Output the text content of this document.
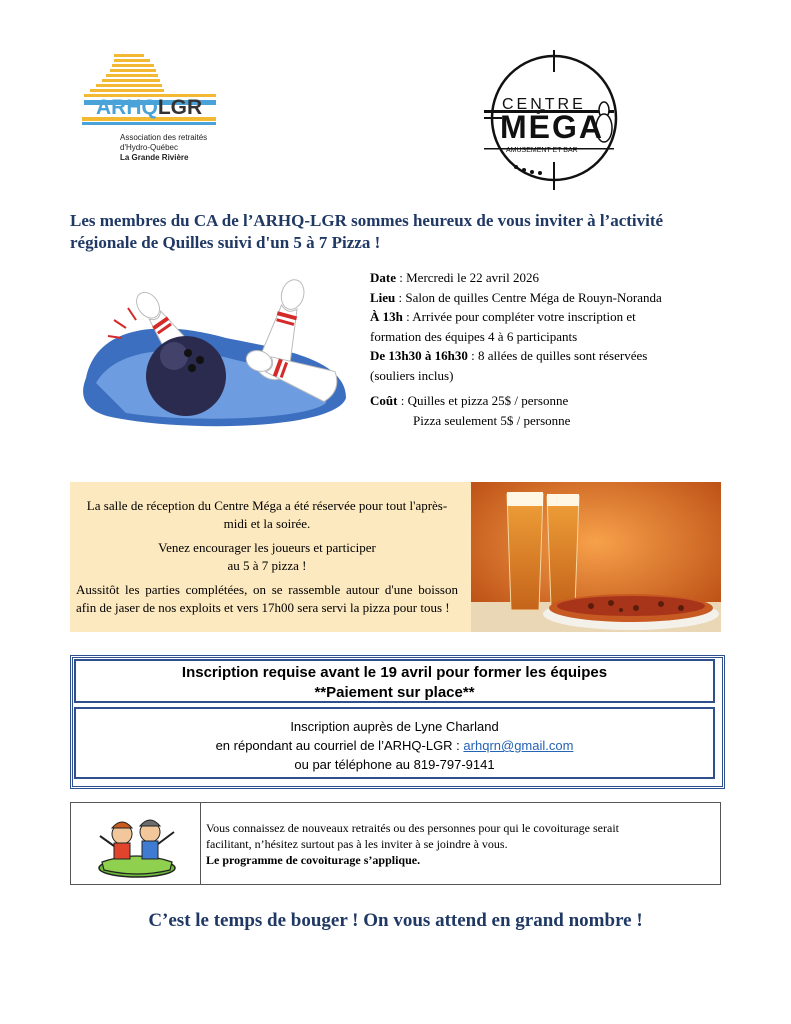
ARHQLGR
Association des retraités
d'Hydro-Québec
La Grande Rivière
CENTRE
MÉGA
AMUSEMENT ET BAR
Les membres du CA de l’ARHQ-LGR sommes heureux de vous inviter à l’activité
régionale de Quilles suivi d'un 5 à 7 Pizza !
Date : Mercredi le 22 avril 2026
Lieu : Salon de quilles Centre Méga de Rouyn-Noranda
À 13h : Arrivée pour compléter votre inscription et
formation des équipes 4 à 6 participants
De 13h30 à 16h30 : 8 allées de quilles sont réservées
(souliers inclus)
Coût : Quilles et pizza 25$ / personne
Pizza seulement 5$ / personne

La salle de réception du Centre Méga a été réservée pour tout l'après-midi et la soirée.

Venez encourager les joueurs et participer
au 5 à 7 pizza !

Aussitôt les parties complétées, on se rassemble autour d'une boisson afin de jaser de nos exploits et vers 17h00 sera servi la pizza pour tous !

Inscription requise avant le 19 avril pour former les équipes
**Paiement sur place**
Inscription auprès de Lyne Charland
en répondant au courriel de l’ARHQ-LGR : arhqrn@gmail.com
ou par téléphone au 819-797-9141
Vous connaissez de nouveaux retraités ou des personnes pour qui le covoiturage serait
facilitant, n’hésitez surtout pas à les inviter à se joindre à vous.
Le programme de covoiturage s’applique.
C’est le temps de bouger ! On vous attend en grand nombre !
